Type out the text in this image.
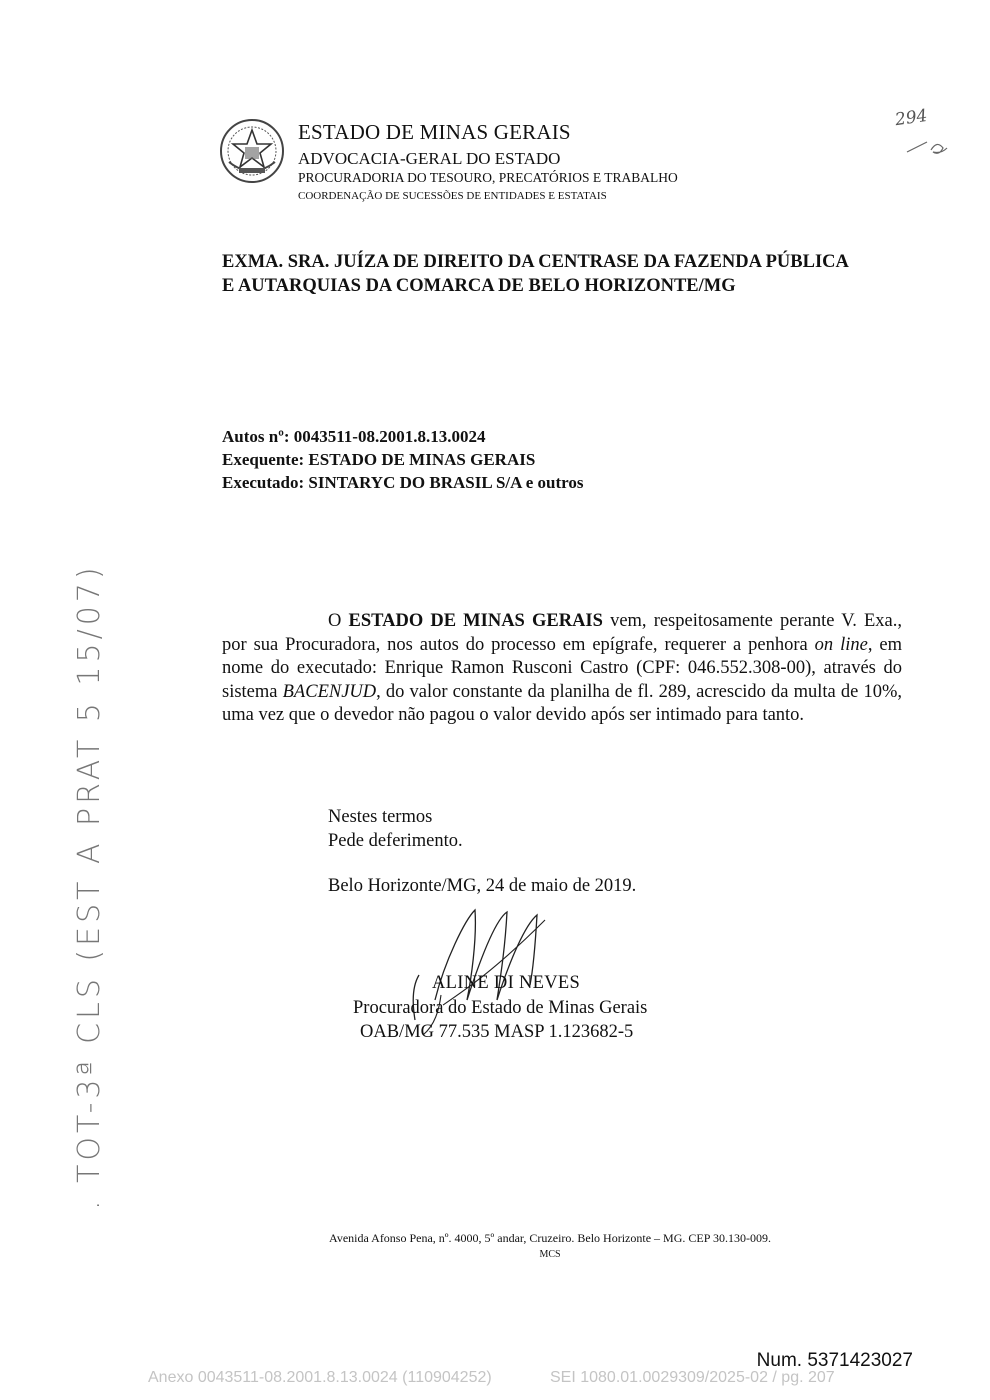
ESTADO DE MINAS GERAIS
ADVOCACIA-GERAL DO ESTADO
PROCURADORIA DO TESOURO, PRECATÓRIOS E TRABALHO
COORDENAÇÃO DE SUCESSÕES DE ENTIDADES E ESTATAIS
294
EXMA. SRA. JUÍZA DE DIREITO DA CENTRASE DA FAZENDA PÚBLICA
E AUTARQUIAS DA COMARCA DE BELO HORIZONTE/MG
Autos nº: 0043511-08.2001.8.13.0024
Exequente: ESTADO DE MINAS GERAIS
Executado: SINTARYC DO BRASIL S/A e outros
O ESTADO DE MINAS GERAIS vem, respeitosamente perante V. Exa., por sua Procuradora, nos autos do processo em epígrafe, requerer a penhora on line, em nome do executado: Enrique Ramon Rusconi Castro (CPF: 046.552.308-00), através do sistema BACENJUD, do valor constante da planilha de fl. 289, acrescido da multa de 10%, uma vez que o devedor não pagou o valor devido após ser intimado para tanto.
Nestes termos
Pede deferimento.
Belo Horizonte/MG, 24 de maio de 2019.
ALINE DI NEVES
Procuradora do Estado de Minas Gerais
OAB/MG 77.535 MASP 1.123682-5
. TOT-3ª CLS (EST A PRAT 5 15/07)
Avenida Afonso Pena, nº. 4000, 5º andar, Cruzeiro. Belo Horizonte – MG. CEP 30.130-009.
MCS
Num. 5371423027
Anexo 0043511-08.2001.8.13.0024 (110904252)	SEI 1080.01.0029309/2025-02 / pg. 207
